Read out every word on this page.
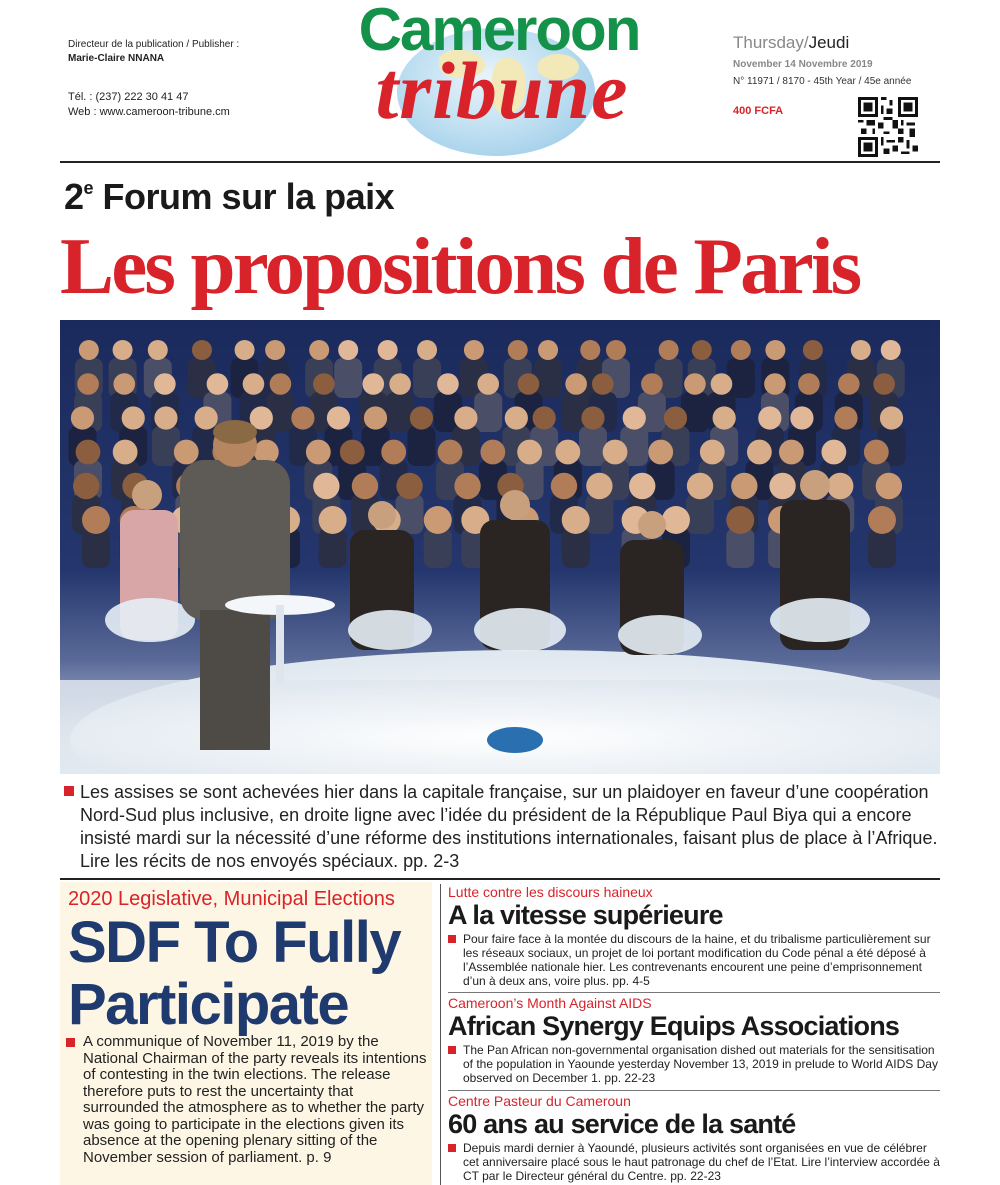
Directeur de la publication / Publisher :
Marie-Claire NNANA
Tél. : (237) 222 30 41 47
Web : www.cameroon-tribune.cm
Cameroon
tribune
Thursday/Jeudi
November 14 Novembre 2019
N° 11971 / 8170 - 45th Year / 45e année
400 FCFA
2e Forum sur la paix
Les propositions de Paris
Les assises se sont achevées hier dans la capitale française, sur un plaidoyer en faveur d’une coopération Nord-Sud plus inclusive, en droite ligne avec l’idée du président de la République Paul Biya qui a encore insisté mardi sur la nécessité d’une réforme des institutions internationales, faisant plus de place à l’Afrique. Lire les récits de nos envoyés spéciaux. pp. 2-3
2020 Legislative, Municipal Elections
SDF To Fully Participate
A communique of November 11, 2019 by the National Chairman of the party reveals its intentions of contesting in the twin elections. The release therefore puts to rest the uncertainty that surrounded the atmosphere as to whether the party was going to participate in the elections given its absence at the opening plenary sitting of the November session of parliament. p. 9
Lutte contre les discours haineux
A la vitesse supérieure
Pour faire face à la montée du discours de la haine, et du tribalisme particulièrement sur les réseaux sociaux, un projet de loi portant modification du Code pénal a été déposé à l’Assemblée nationale hier. Les contrevenants encourent une peine d’emprisonnement d’un à deux ans, voire plus. pp. 4-5
Cameroon’s Month Against AIDS
African Synergy Equips Associations
The Pan African non-governmental organisation dished out materials for the sensitisation of the population in Yaounde yesterday November 13, 2019 in prelude to World AIDS Day observed on December 1. pp. 22-23
Centre Pasteur du Cameroun
60 ans au service de la santé
Depuis mardi dernier à Yaoundé, plusieurs activités sont organisées en vue de célébrer cet anniversaire placé sous le haut patronage du chef de l’Etat. Lire l’interview accordée à CT par le Directeur général du Centre. pp. 22-23
